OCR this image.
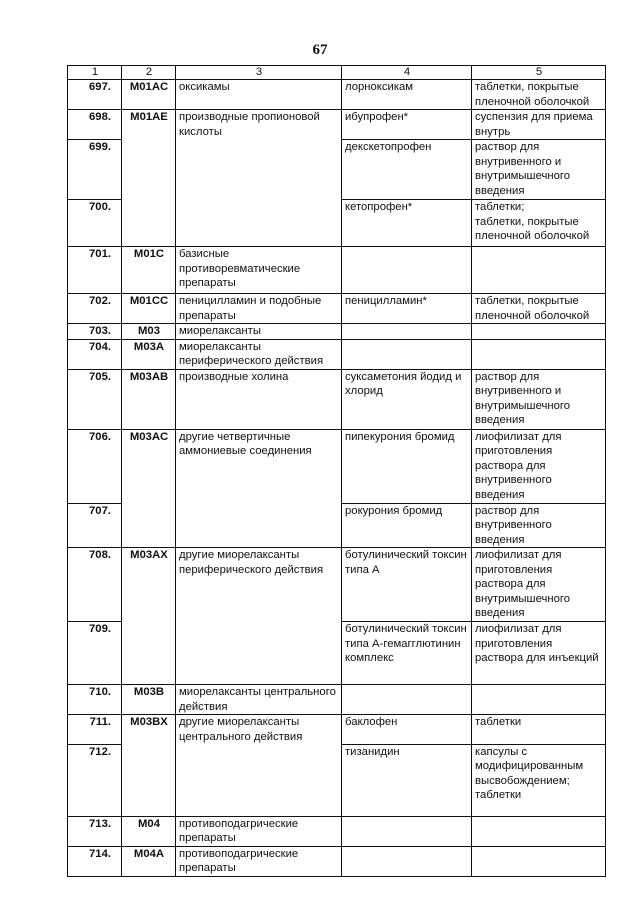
67
1	2	3	4	5
697.	M01AC	оксикамы	лорноксикам	таблетки, покрытые пленочной оболочкой
698.	M01AE	производные пропионовой кислоты	ибупрофен*	суспензия для приема внутрь
699.			декскетопрофен	раствор для внутривенного и внутримышечного введения
700.			кетопрофен*	таблетки;
таблетки, покрытые пленочной оболочкой
701.	M01C	базисные противоревматические препараты		
702.	M01CC	пеницилламин и подобные препараты	пеницилламин*	таблетки, покрытые пленочной оболочкой
703.	M03	миорелаксанты		
704.	M03A	миорелаксанты периферического действия		
705.	M03AB	производные холина	суксаметония йодид и хлорид	раствор для внутривенного и внутримышечного введения
706.	M03AC	другие четвертичные аммониевые соединения	пипекурония бромид	лиофилизат для приготовления раствора для внутривенного введения
707.			рокурония бромид	раствор для внутривенного введения
708.	M03AX	другие миорелаксанты периферического действия	ботулинический токсин типа А	лиофилизат для приготовления раствора для внутримышечного введения
709.			ботулинический токсин типа А-гемагглютинин комплекс	лиофилизат для приготовления раствора для инъекций
710.	M03B	миорелаксанты центрального действия		
711.	M03BX	другие миорелаксанты центрального действия	баклофен	таблетки
712.			тизанидин	капсулы с модифицированным высвобождением;
таблетки
713.	M04	противоподагрические препараты		
714.	M04A	противоподагрические препараты		
